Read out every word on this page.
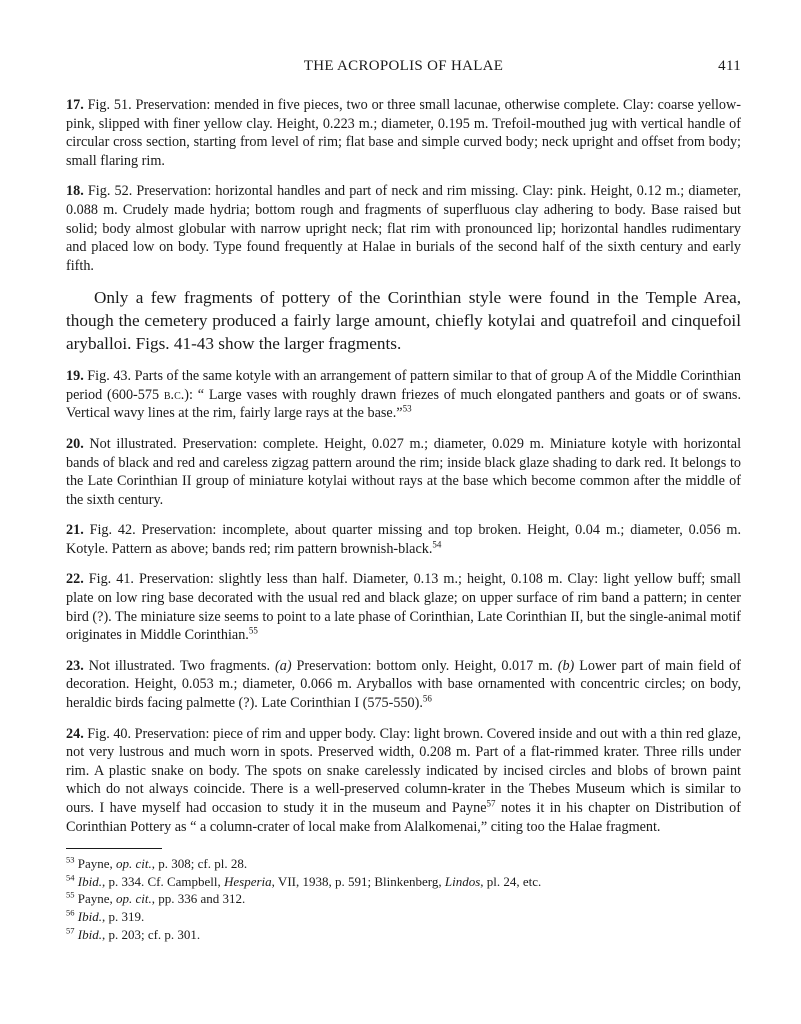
THE ACROPOLIS OF HALAE	411

17. Fig. 51. Preservation: mended in five pieces, two or three small lacunae, otherwise complete. Clay: coarse yellow-pink, slipped with finer yellow clay. Height, 0.223 m.; diameter, 0.195 m. Trefoil-mouthed jug with vertical handle of circular cross section, starting from level of rim; flat base and simple curved body; neck upright and offset from body; small flaring rim.

18. Fig. 52. Preservation: horizontal handles and part of neck and rim missing. Clay: pink. Height, 0.12 m.; diameter, 0.088 m. Crudely made hydria; bottom rough and fragments of superfluous clay adhering to body. Base raised but solid; body almost globular with narrow upright neck; flat rim with pronounced lip; horizontal handles rudimentary and placed low on body. Type found frequently at Halae in burials of the second half of the sixth century and early fifth.

Only a few fragments of pottery of the Corinthian style were found in the Temple Area, though the cemetery produced a fairly large amount, chiefly kotylai and quatrefoil and cinquefoil aryballoi. Figs. 41-43 show the larger fragments.

19. Fig. 43. Parts of the same kotyle with an arrangement of pattern similar to that of group A of the Middle Corinthian period (600-575 b.c.): “ Large vases with roughly drawn friezes of much elongated panthers and goats or of swans. Vertical wavy lines at the rim, fairly large rays at the base.”$^{53}$

20. Not illustrated. Preservation: complete. Height, 0.027 m.; diameter, 0.029 m. Miniature kotyle with horizontal bands of black and red and careless zigzag pattern around the rim; inside black glaze shading to dark red. It belongs to the Late Corinthian II group of miniature kotylai without rays at the base which become common after the middle of the sixth century.

21. Fig. 42. Preservation: incomplete, about quarter missing and top broken. Height, 0.04 m.; diameter, 0.056 m. Kotyle. Pattern as above; bands red; rim pattern brownish-black.$^{54}$

22. Fig. 41. Preservation: slightly less than half. Diameter, 0.13 m.; height, 0.108 m. Clay: light yellow buff; small plate on low ring base decorated with the usual red and black glaze; on upper surface of rim band a pattern; in center bird (?). The miniature size seems to point to a late phase of Corinthian, Late Corinthian II, but the single-animal motif originates in Middle Corinthian.$^{55}$

23. Not illustrated. Two fragments. (a) Preservation: bottom only. Height, 0.017 m. (b) Lower part of main field of decoration. Height, 0.053 m.; diameter, 0.066 m. Aryballos with base ornamented with concentric circles; on body, heraldic birds facing palmette (?). Late Corinthian I (575-550).$^{56}$

24. Fig. 40. Preservation: piece of rim and upper body. Clay: light brown. Covered inside and out with a thin red glaze, not very lustrous and much worn in spots. Preserved width, 0.208 m. Part of a flat-rimmed krater. Three rills under rim. A plastic snake on body. The spots on snake carelessly indicated by incised circles and blobs of brown paint which do not always coincide. There is a well-preserved column-krater in the Thebes Museum which is similar to ours. I have myself had occasion to study it in the museum and Payne$^{57}$ notes it in his chapter on Distribution of Corinthian Pottery as “ a column-crater of local make from Alalkomenai,” citing too the Halae fragment.

$^{53}$ Payne, op. cit., p. 308; cf. pl. 28.
$^{54}$ Ibid., p. 334. Cf. Campbell, Hesperia, VII, 1938, p. 591; Blinkenberg, Lindos, pl. 24, etc.
$^{55}$ Payne, op. cit., pp. 336 and 312.
$^{56}$ Ibid., p. 319.
$^{57}$ Ibid., p. 203; cf. p. 301.
